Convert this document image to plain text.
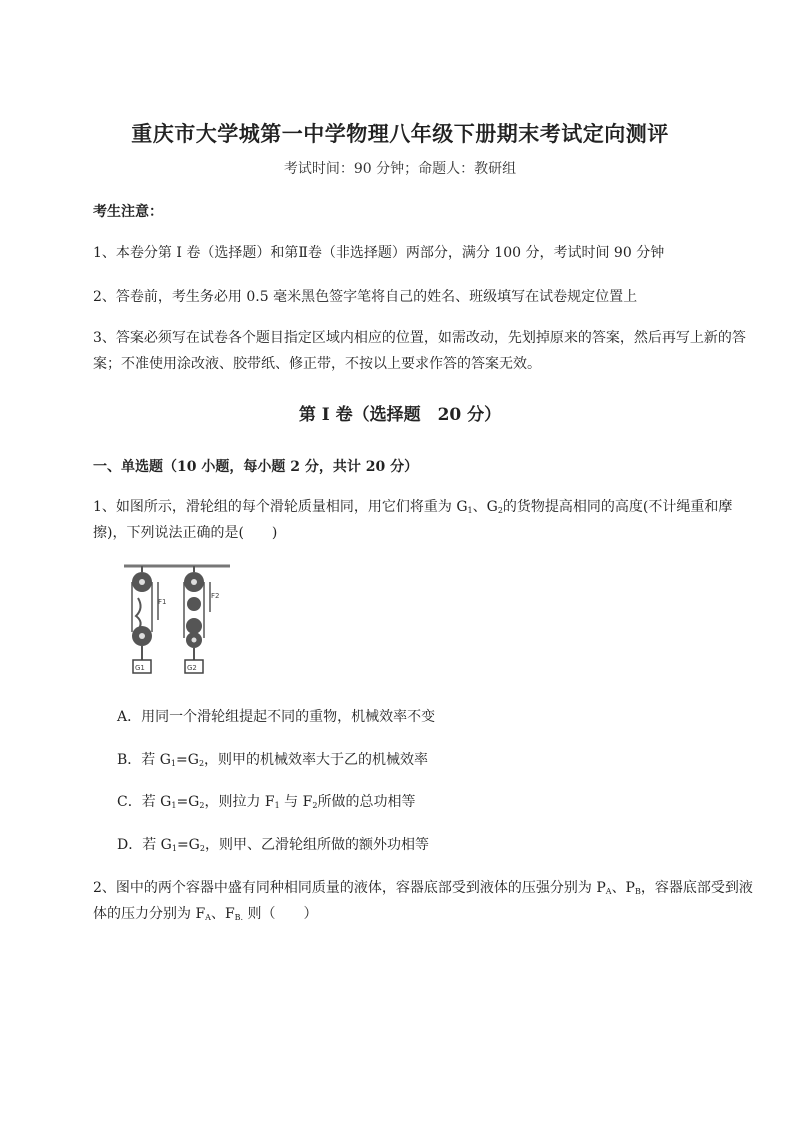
重庆市大学城第一中学物理八年级下册期末考试定向测评
考试时间：90 分钟；命题人：教研组
考生注意：
1、本卷分第 I 卷（选择题）和第Ⅱ卷（非选择题）两部分，满分 100 分，考试时间 90 分钟
2、答卷前，考生务必用 0.5 毫米黑色签字笔将自己的姓名、班级填写在试卷规定位置上
3、答案必须写在试卷各个题目指定区域内相应的位置，如需改动，先划掉原来的答案，然后再写上新的答案；不准使用涂改液、胶带纸、修正带，不按以上要求作答的答案无效。
第 I 卷（选择题　20 分）
一、单选题（10 小题，每小题 2 分，共计 20 分）
1、如图所示，滑轮组的每个滑轮质量相同，用它们将重为 $G_1$、$G_2$的货物提高相同的高度(不计绳重和摩擦)，下列说法正确的是(　　)
F1
F2
G1	G2
A．用同一个滑轮组提起不同的重物，机械效率不变
B．若 $G_1=G_2$，则甲的机械效率大于乙的机械效率
C．若 $G_1=G_2$，则拉力 $F_1$ 与 $F_2$所做的总功相等
D．若 $G_1=G_2$，则甲、乙滑轮组所做的额外功相等
2、图中的两个容器中盛有同种相同质量的液体，容器底部受到液体的压强分别为 $P_A$、$P_B$，容器底部受到液体的压力分别为 $F_A$、$F_{B.}$ 则（　　）
